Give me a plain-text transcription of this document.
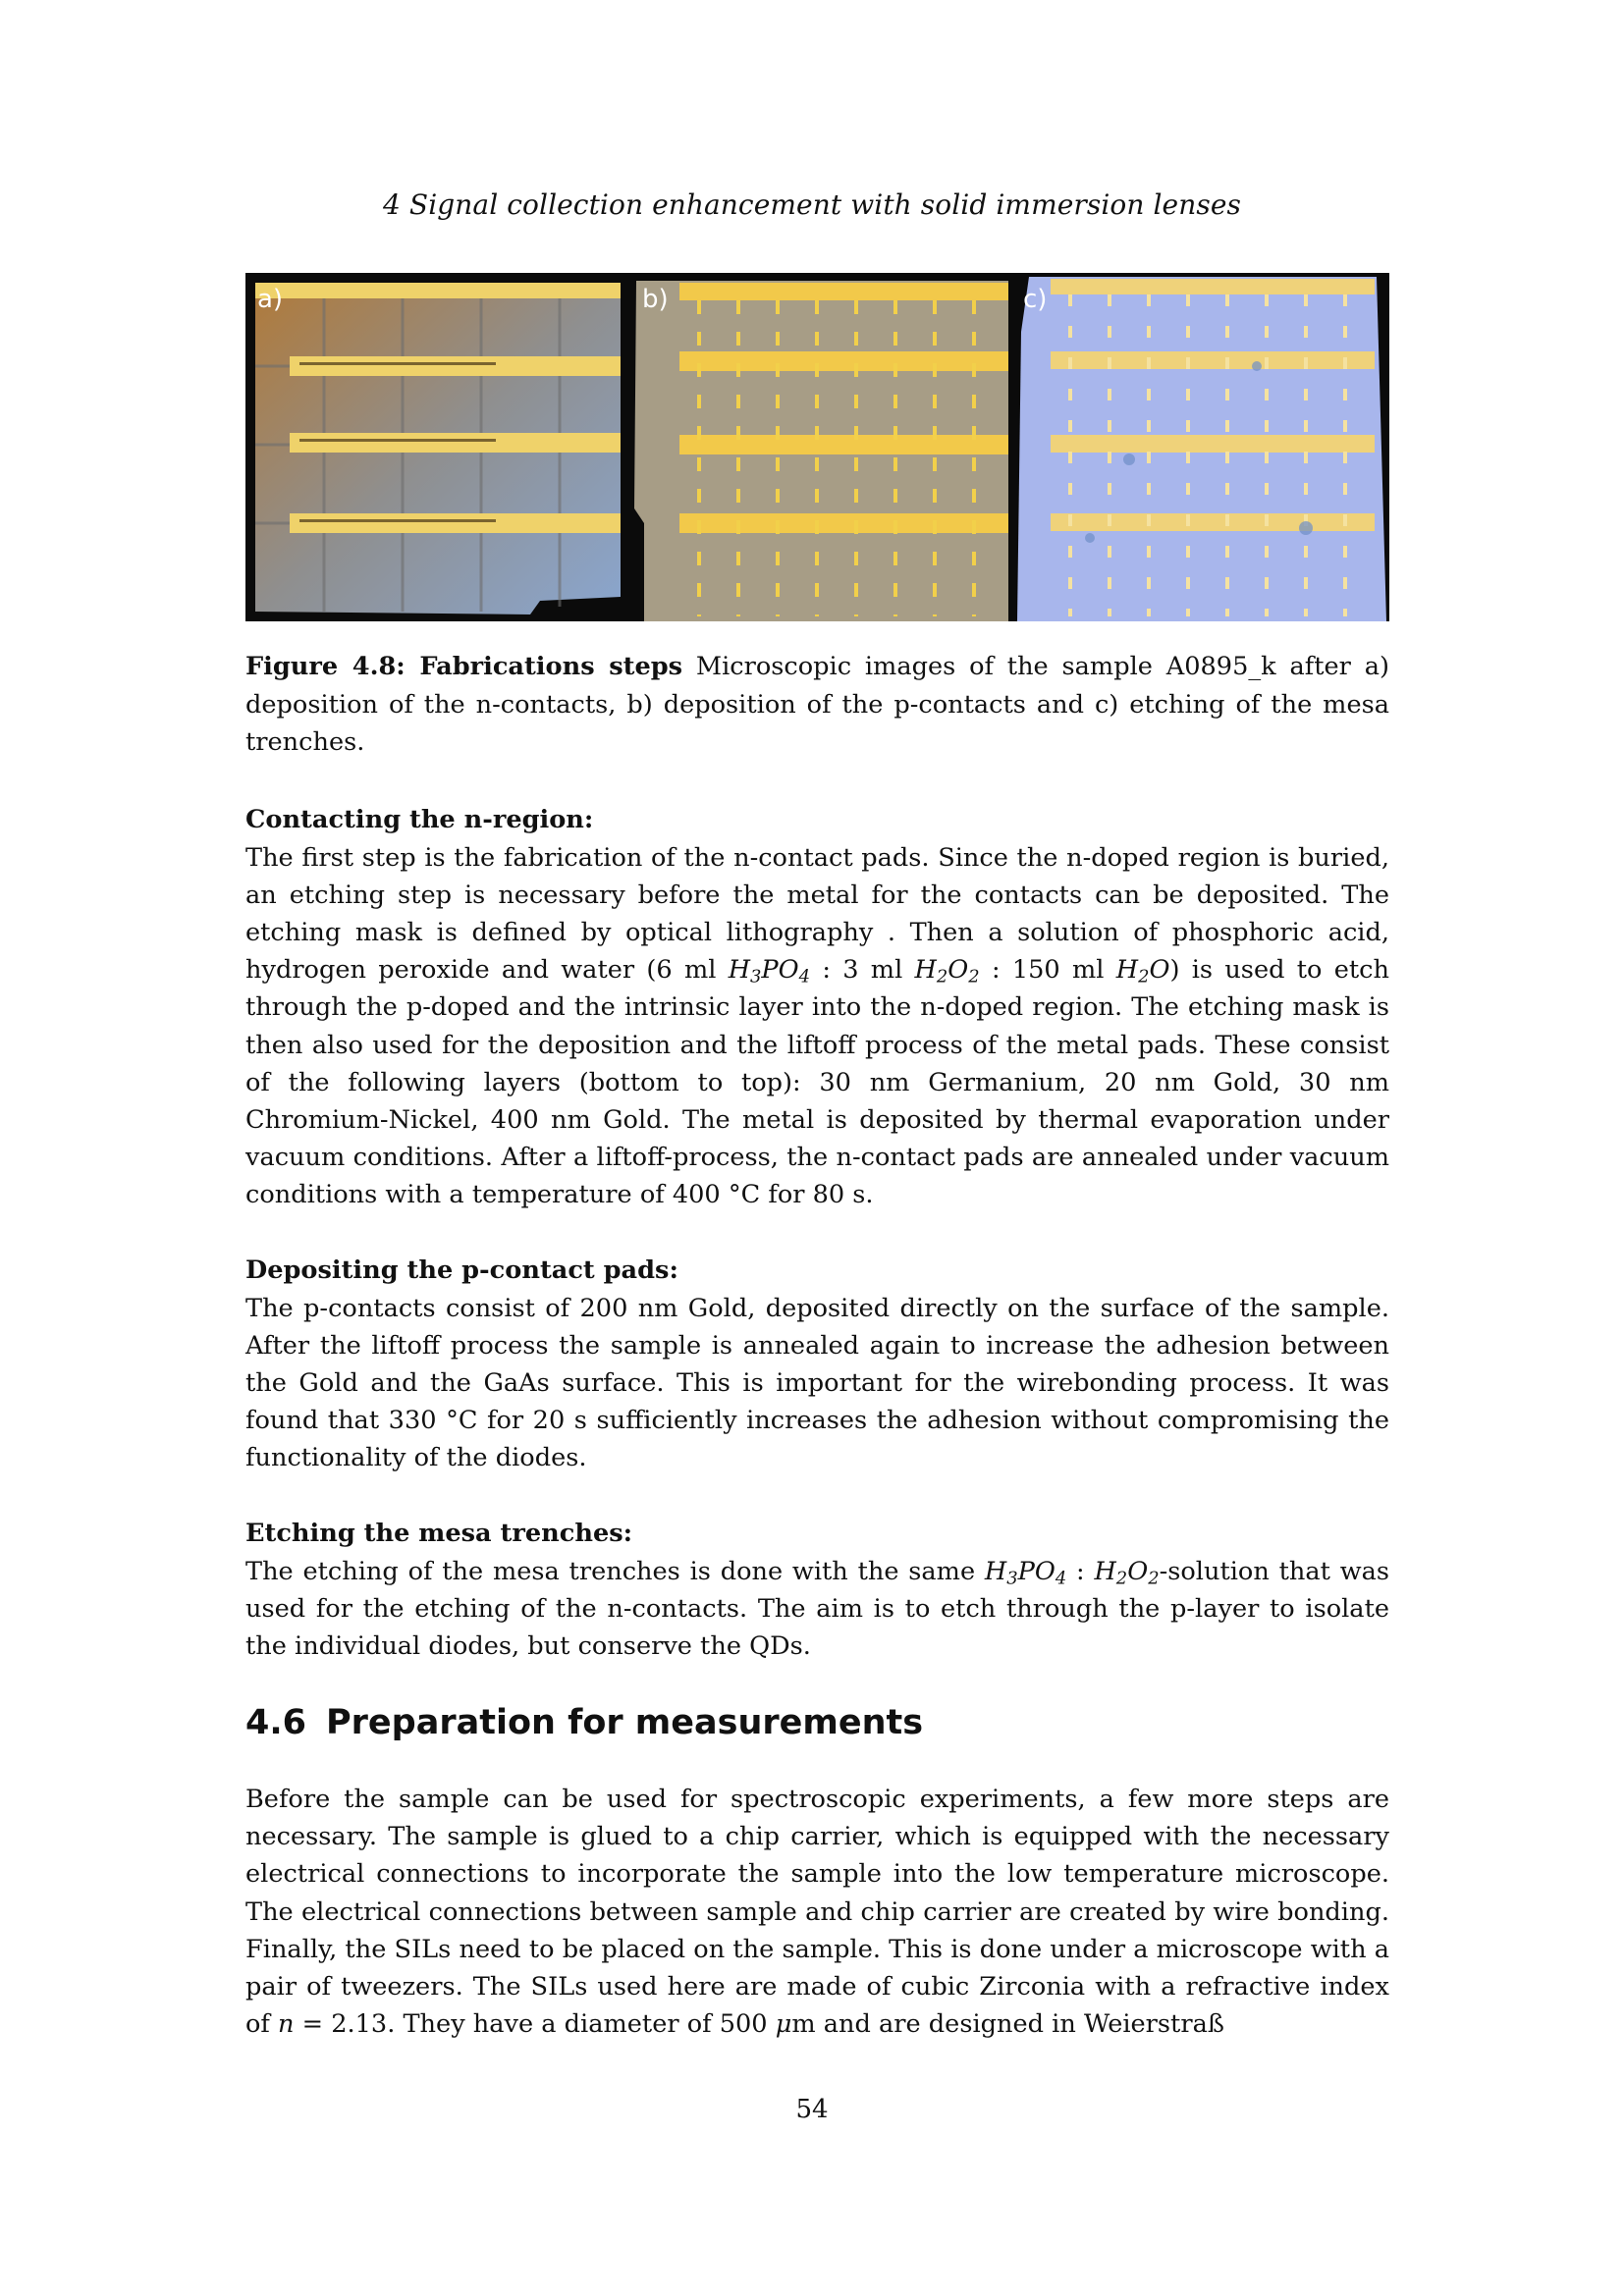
4 Signal collection enhancement with solid immersion lenses
a)	b)	c)
Figure 4.8: Fabrications steps Microscopic images of the sample A0895_k after a) deposition of the n-contacts, b) deposition of the p-contacts and c) etching of the mesa trenches.
Contacting the n-region:

The first step is the fabrication of the n-contact pads. Since the n-doped region is buried, an etching step is necessary before the metal for the contacts can be deposited. The etching mask is defined by optical lithography . Then a solution of phosphoric acid, hydrogen peroxide and water (6 ml $H_3PO_4$ : 3 ml $H_2O_2$ : 150 ml $H_2O$) is used to etch through the p-doped and the intrinsic layer into the n-doped region. The etching mask is then also used for the deposition and the liftoff process of the metal pads. These consist of the following layers (bottom to top): 30 nm Germanium, 20 nm Gold, 30 nm Chromium-Nickel, 400 nm Gold. The metal is deposited by thermal evaporation under vacuum conditions. After a liftoff-process, the n-contact pads are annealed under vacuum conditions with a temperature of 400 °C for 80 s.

Depositing the p-contact pads:

The p-contacts consist of 200 nm Gold, deposited directly on the surface of the sample. After the liftoff process the sample is annealed again to increase the adhesion between the Gold and the GaAs surface. This is important for the wirebonding process. It was found that 330 °C for 20 s sufficiently increases the adhesion without compromising the functionality of the diodes.

Etching the mesa trenches:

The etching of the mesa trenches is done with the same $H_3PO_4$ : $H_2O_2$-solution that was used for the etching of the n-contacts. The aim is to etch through the p-layer to isolate the individual diodes, but conserve the QDs.

4.6 Preparation for measurements

Before the sample can be used for spectroscopic experiments, a few more steps are necessary. The sample is glued to a chip carrier, which is equipped with the necessary electrical connections to incorporate the sample into the low temperature microscope. The electrical connections between sample and chip carrier are created by wire bonding. Finally, the SILs need to be placed on the sample. This is done under a microscope with a pair of tweezers. The SILs used here are made of cubic Zirconia with a refractive index of n = 2.13. They have a diameter of 500 μm and are designed in Weierstraß

54
